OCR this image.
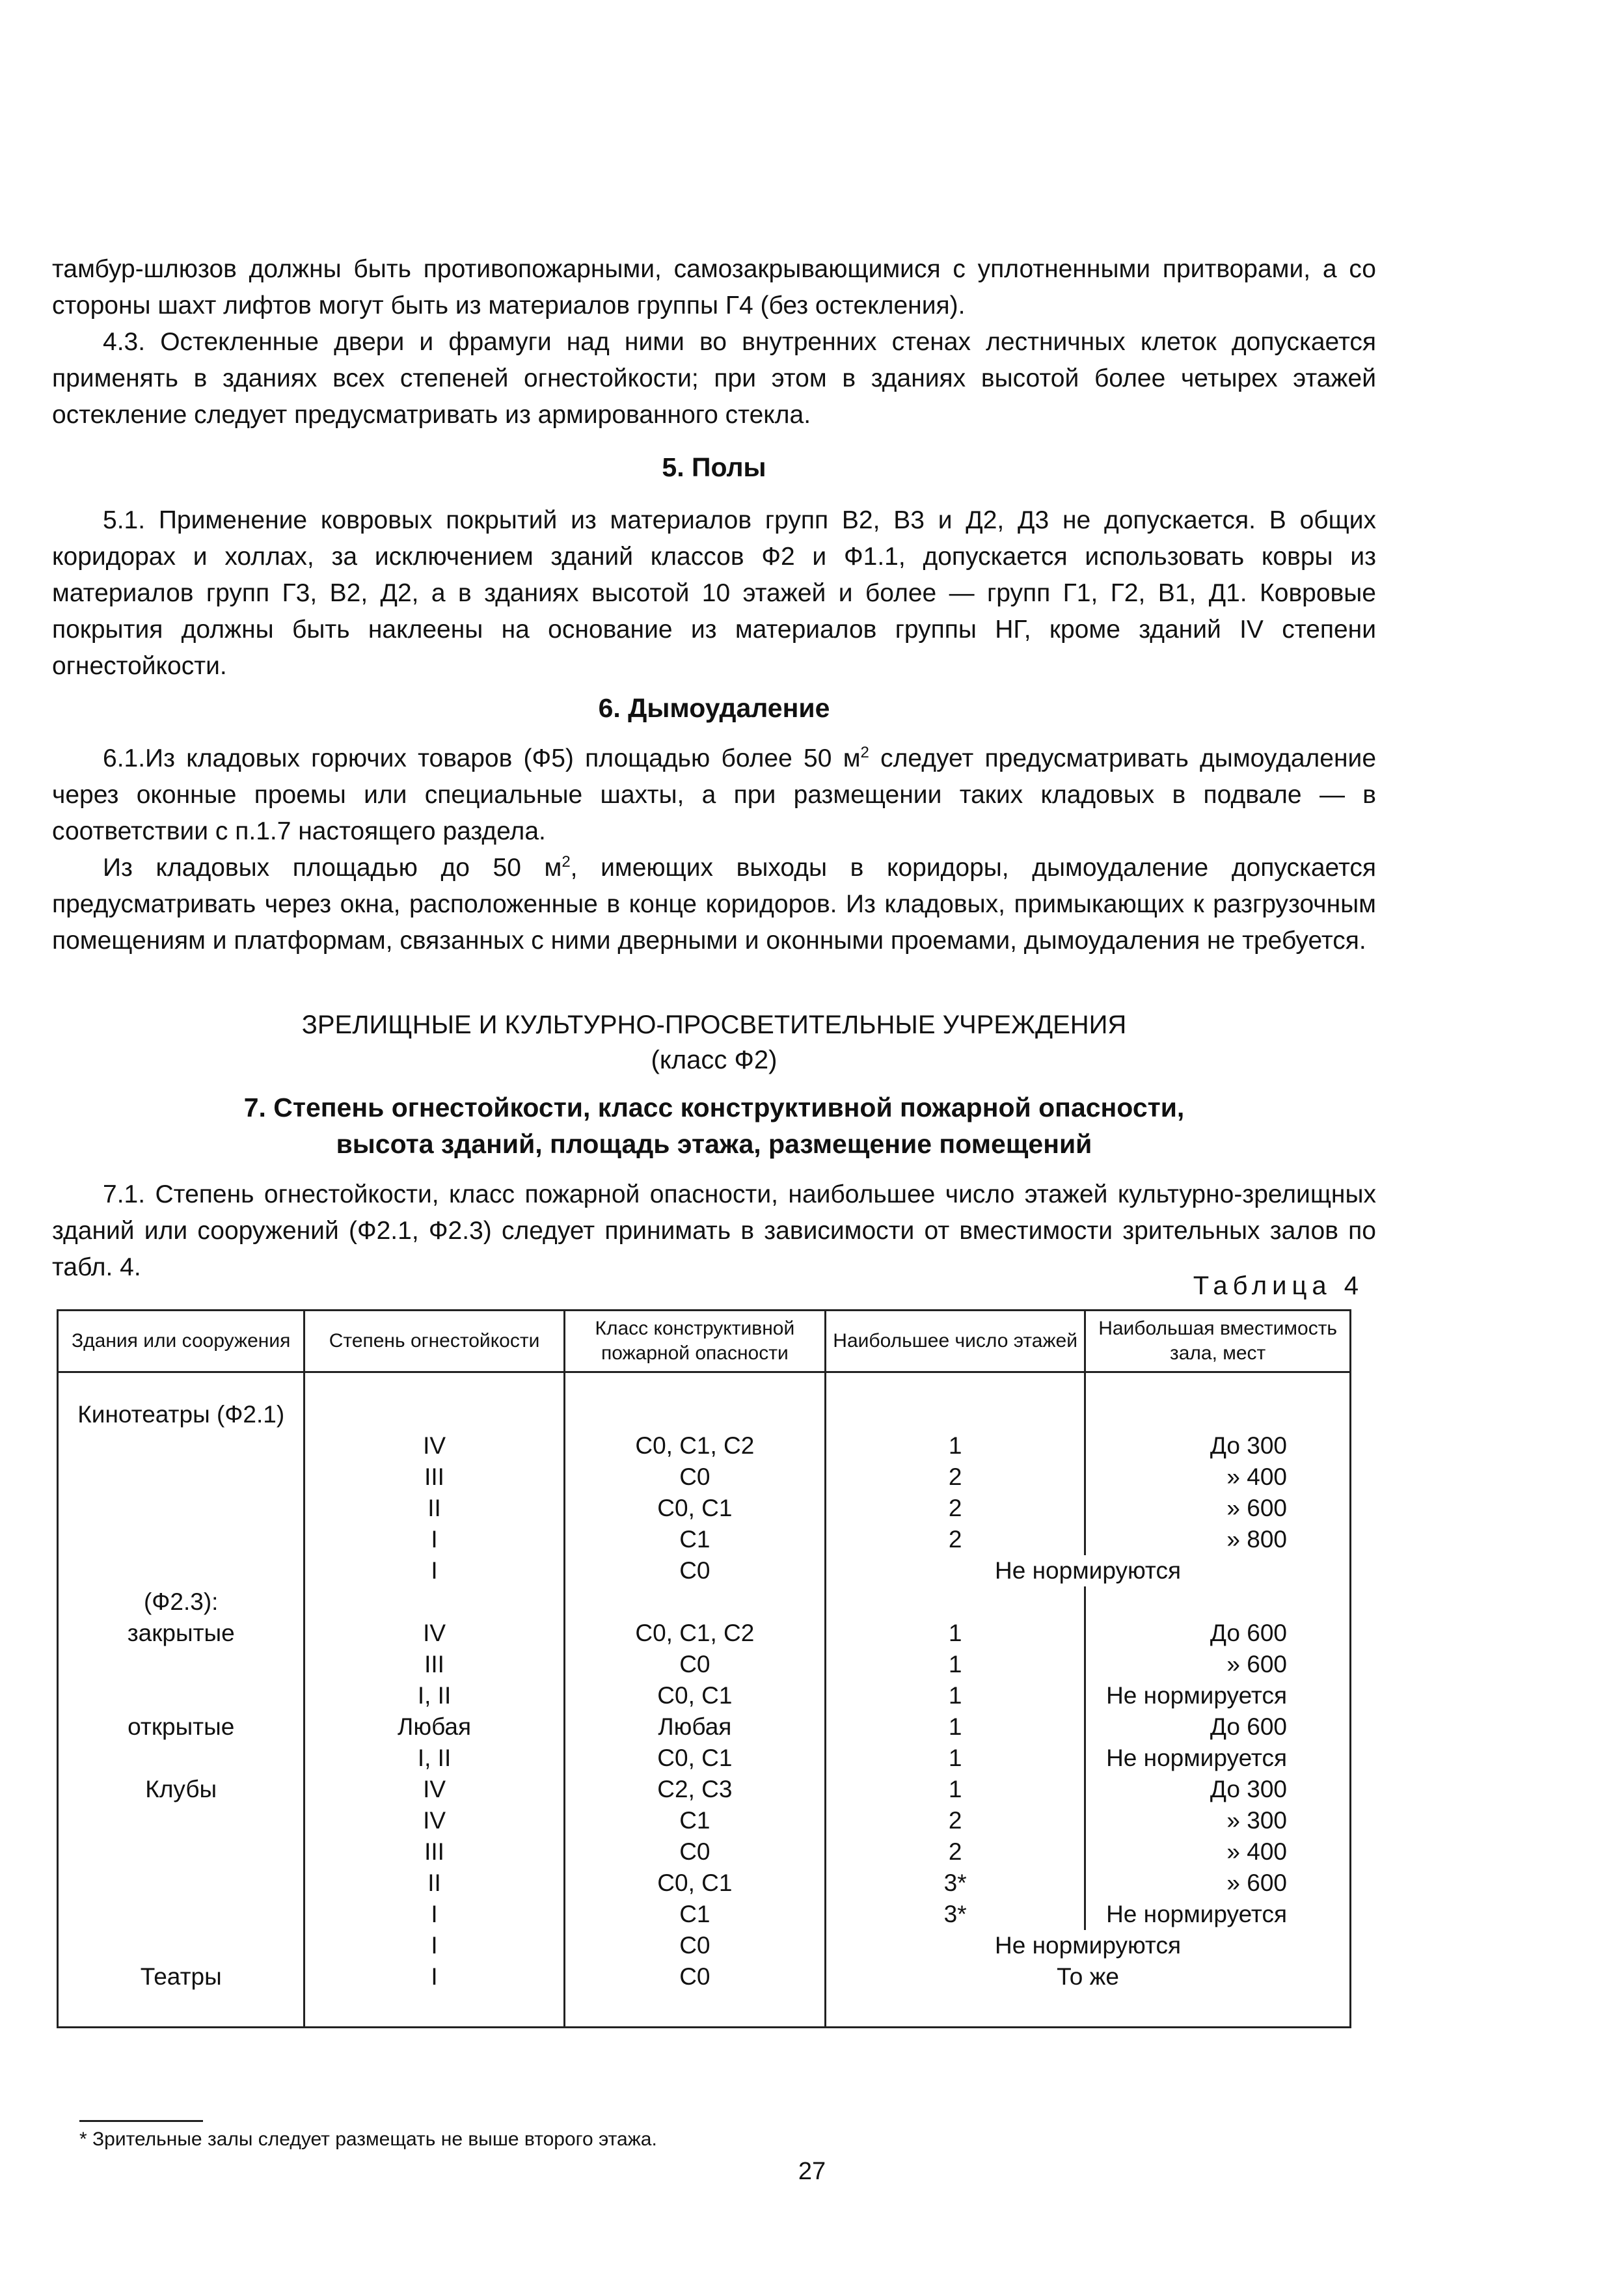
тамбур-шлюзов должны быть противопожарными, самозакрывающимися с уплотненными притворами, а со стороны шахт лифтов могут быть из материалов группы Г4 (без остекления).

4.3. Остекленные двери и фрамуги над ними во внутренних стенах лестничных клеток допускается применять в зданиях всех степеней огнестойкости; при этом в зданиях высотой более четырех этажей остекление следует предусматривать из армированного стекла.

5. Полы

5.1. Применение ковровых покрытий из материалов групп В2, В3 и Д2, Д3 не допускается. В общих коридорах и холлах, за исключением зданий классов Ф2 и Ф1.1, допускается использовать ковры из материалов групп Г3, В2, Д2, а в зданиях высотой 10 этажей и более — групп Г1, Г2, В1, Д1. Ковровые покрытия должны быть наклеены на основание из материалов группы НГ, кроме зданий IV степени огнестойкости.

6. Дымоудаление

6.1.Из кладовых горючих товаров (Ф5) площадью более 50 $м^2$ следует предусматривать дымоудаление через оконные проемы или специальные шахты, а при размещении таких кладовых в подвале — в соответствии с п.1.7 настоящего раздела.

Из кладовых площадью до 50 $м^2$, имеющих выходы в коридоры, дымоудаление допускается предусматривать через окна, расположенные в конце коридоров. Из кладовых, примыкающих к разгрузочным помещениям и платформам, связанных с ними дверными и оконными проемами, дымоудаления не требуется.

ЗРЕЛИЩНЫЕ И КУЛЬТУРНО-ПРОСВЕТИТЕЛЬНЫЕ УЧРЕЖДЕНИЯ

(класс Ф2)

7. Степень огнестойкости, класс конструктивной пожарной опасности,

высота зданий, площадь этажа, размещение помещений

7.1. Степень огнестойкости, класс пожарной опасности, наибольшее число этажей культурно-зрелищных зданий или сооружений (Ф2.1, Ф2.3) следует принимать в зависимости от вместимости зрительных залов по табл. 4.

Таблица 4
Здания или сооружения	Степень огнестойкости	Класс конструктивной пожарной опасности	Наибольшее число этажей	Наибольшая вместимость зала, мест
Кинотеатры (Ф2.1)				
	IV	С0, С1, С2	1	До 300
	III	С0	2	» 400
	II	С0, С1	2	» 600
	I	С1	2	» 800
	I	С0	Не нормируются	
(Ф2.3):				
закрытые	IV	С0, С1, С2	1	До 600
	III	С0	1	» 600
	I, II	С0, С1	1	Не нормируется
открытые	Любая	Любая	1	До 600
	I, II	С0, С1	1	Не нормируется
Клубы	IV	С2, С3	1	До 300
	IV	С1	2	» 300
	III	С0	2	» 400
	II	С0, С1	3*	» 600
	I	С1	3*	Не нормируется
	I	С0	Не нормируются	
Театры	I	С0	То же	
* Зрительные залы следует размещать не выше второго этажа.
27
